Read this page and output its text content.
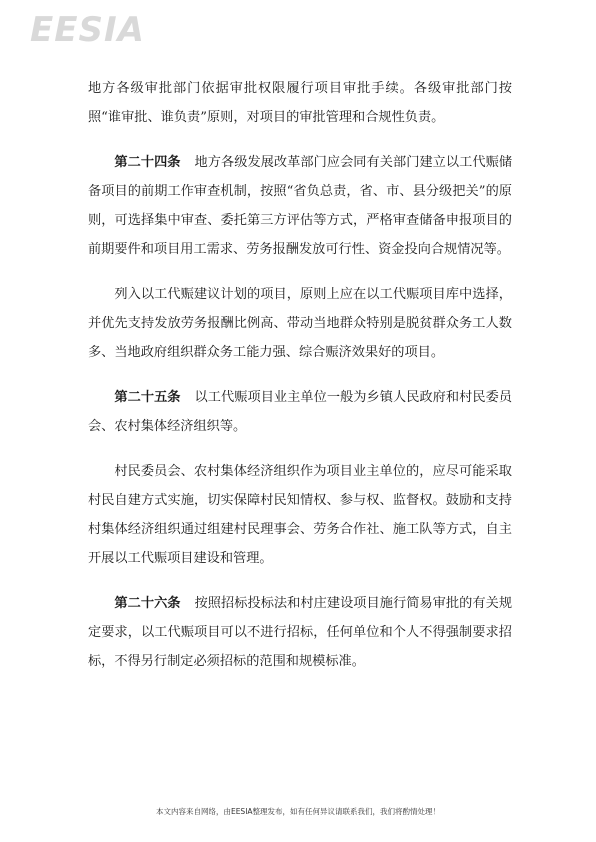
EESIA

地方各级审批部门依据审批权限履行项目审批手续。各级审批部门按照“谁审批、谁负责”原则，对项目的审批管理和合规性负责。

第二十四条 地方各级发展改革部门应会同有关部门建立以工代赈储备项目的前期工作审查机制，按照“省负总责，省、市、县分级把关”的原则，可选择集中审查、委托第三方评估等方式，严格审查储备申报项目的前期要件和项目用工需求、劳务报酬发放可行性、资金投向合规情况等。

列入以工代赈建议计划的项目，原则上应在以工代赈项目库中选择，并优先支持发放劳务报酬比例高、带动当地群众特别是脱贫群众务工人数多、当地政府组织群众务工能力强、综合赈济效果好的项目。

第二十五条 以工代赈项目业主单位一般为乡镇人民政府和村民委员会、农村集体经济组织等。

村民委员会、农村集体经济组织作为项目业主单位的，应尽可能采取村民自建方式实施，切实保障村民知情权、参与权、监督权。鼓励和支持村集体经济组织通过组建村民理事会、劳务合作社、施工队等方式，自主开展以工代赈项目建设和管理。

第二十六条 按照招标投标法和村庄建设项目施行简易审批的有关规定要求，以工代赈项目可以不进行招标，任何单位和个人不得强制要求招标，不得另行制定必须招标的范围和规模标准。

本文内容来自网络，由EESIA整理发布，如有任何异议请联系我们，我们将酌情处理！
